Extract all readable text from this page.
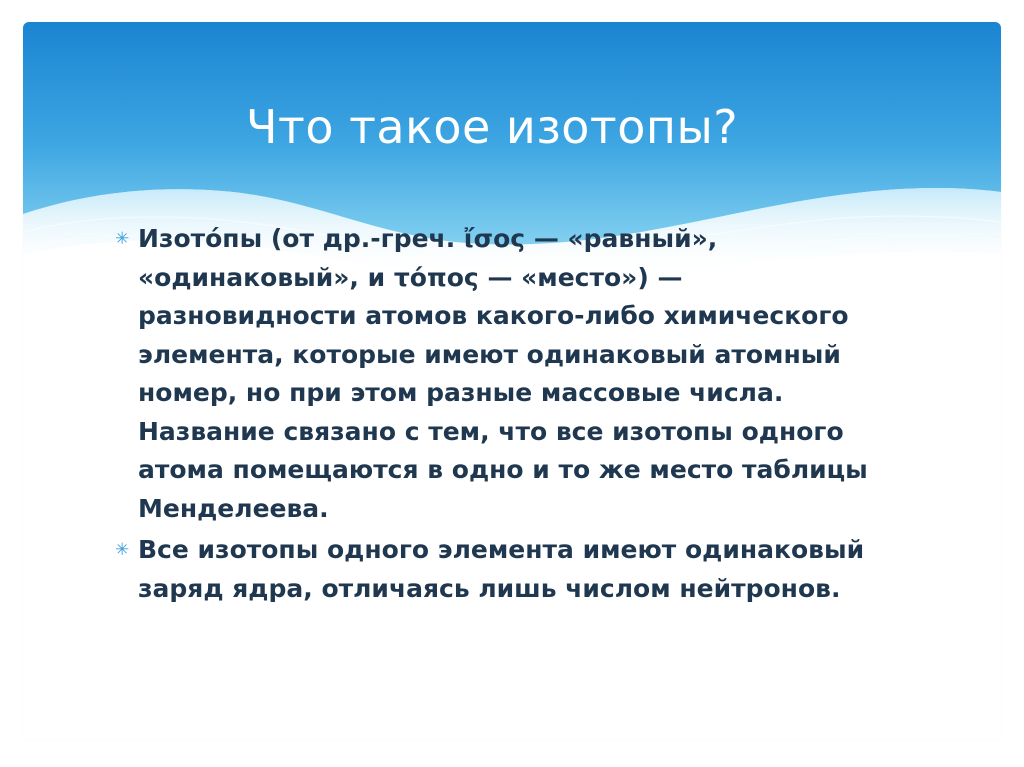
Что такое изотопы?

✳ Изото́пы (от др.-греч. ἴσος — «равный»,
«одинаковый», и τόπος — «место») —
разновидности атомов какого-либо химического
элемента, которые имеют одинаковый атомный
номер, но при этом разные массовые числа.
Название связано с тем, что все изотопы одного
атома помещаются в одно и то же место таблицы
Менделеева.

✳ Все изотопы одного элемента имеют одинаковый
заряд ядра, отличаясь лишь числом нейтронов.
